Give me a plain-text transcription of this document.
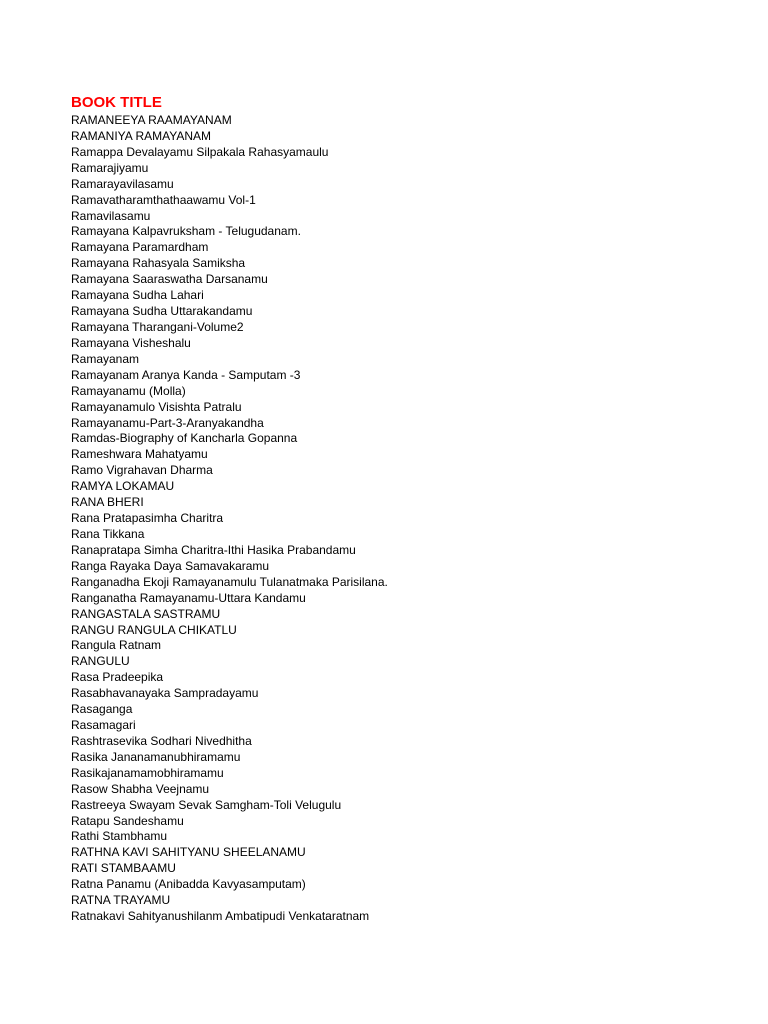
BOOK TITLE
RAMANEEYA RAAMAYANAM
RAMANIYA RAMAYANAM
Ramappa Devalayamu Silpakala Rahasyamaulu
Ramarajiyamu
Ramarayavilasamu
Ramavatharamthathaawamu Vol-1
Ramavilasamu
Ramayana Kalpavruksham - Telugudanam.
Ramayana Paramardham
Ramayana Rahasyala Samiksha
Ramayana Saaraswatha Darsanamu
Ramayana Sudha Lahari
Ramayana Sudha Uttarakandamu
Ramayana Tharangani-Volume2
Ramayana Visheshalu
Ramayanam
Ramayanam Aranya Kanda - Samputam -3
Ramayanamu (Molla)
Ramayanamulo Visishta Patralu
Ramayanamu-Part-3-Aranyakandha
Ramdas-Biography of Kancharla Gopanna
Rameshwara Mahatyamu
Ramo Vigrahavan Dharma
RAMYA LOKAMAU
RANA BHERI
Rana Pratapasimha Charitra
Rana Tikkana
Ranapratapa Simha Charitra-Ithi Hasika Prabandamu
Ranga Rayaka Daya Samavakaramu
Ranganadha Ekoji Ramayanamulu Tulanatmaka Parisilana.
Ranganatha Ramayanamu-Uttara Kandamu
RANGASTALA SASTRAMU
RANGU RANGULA CHIKATLU
Rangula Ratnam
RANGULU
Rasa Pradeepika
Rasabhavanayaka Sampradayamu
Rasaganga
Rasamagari
Rashtrasevika Sodhari Nivedhitha
Rasika Jananamanubhiramamu
Rasikajanamamobhiramamu
Rasow Shabha Veejnamu
Rastreeya Swayam Sevak Samgham-Toli Velugulu
Ratapu Sandeshamu
Rathi Stambhamu
RATHNA KAVI SAHITYANU SHEELANAMU
RATI STAMBAAMU
Ratna Panamu (Anibadda Kavyasamputam)
RATNA TRAYAMU
Ratnakavi Sahityanushilanm Ambatipudi Venkataratnam
